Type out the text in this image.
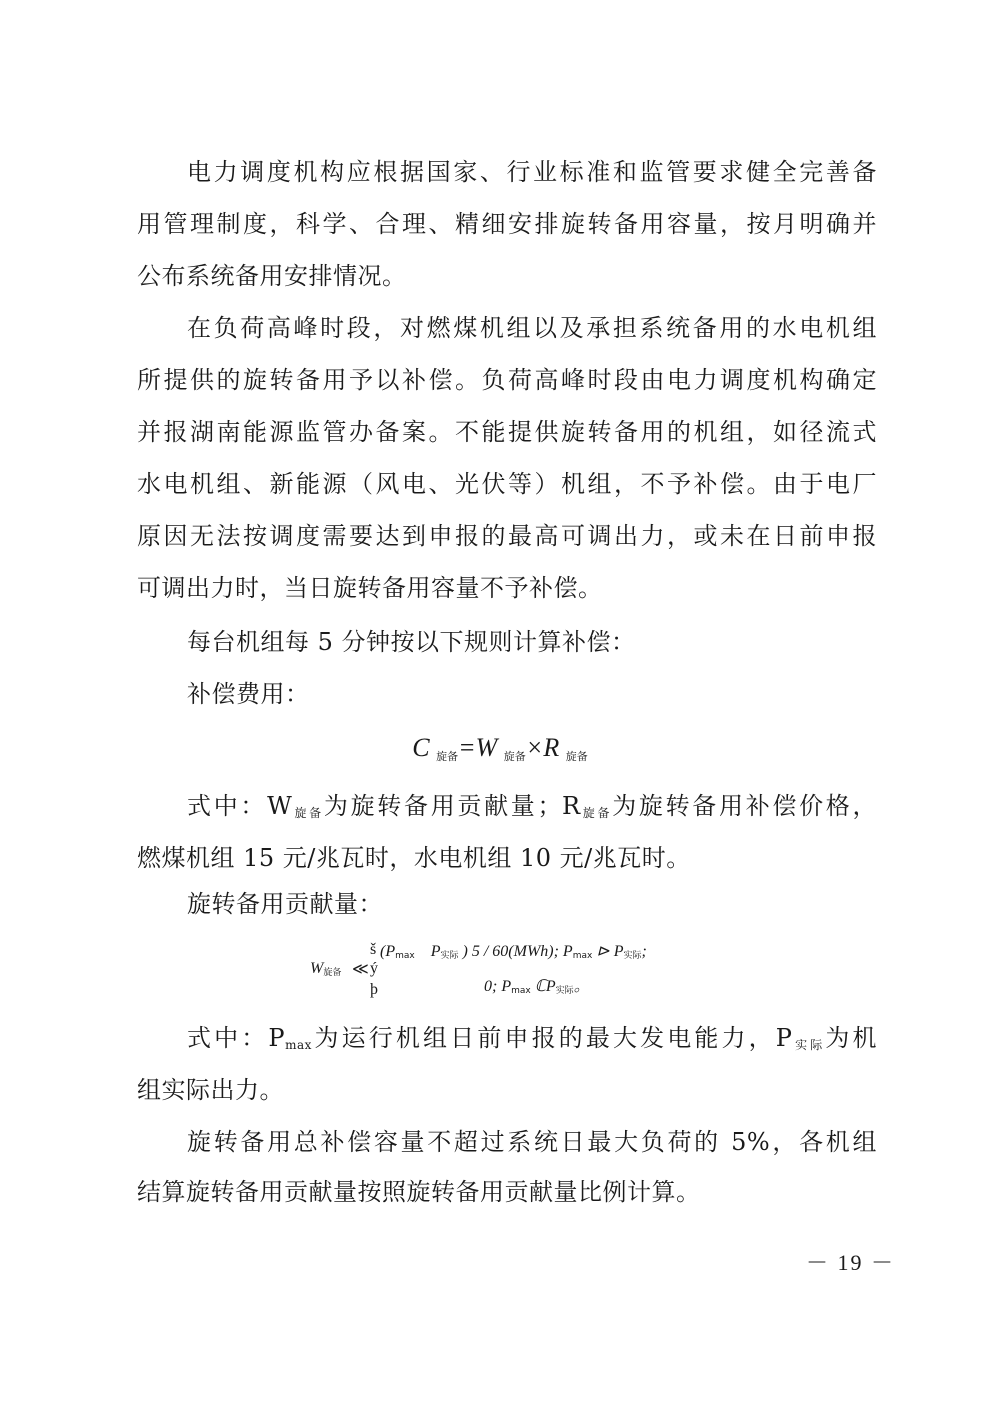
电力调度机构应根据国家、行业标准和监管要求健全完善备
用管理制度，科学、合理、精细安排旋转备用容量，按月明确并
公布系统备用安排情况。
在负荷高峰时段，对燃煤机组以及承担系统备用的水电机组
所提供的旋转备用予以补偿。负荷高峰时段由电力调度机构确定
并报湖南能源监管办备案。不能提供旋转备用的机组，如径流式
水电机组、新能源（风电、光伏等）机组，不予补偿。由于电厂
原因无法按调度需要达到申报的最高可调出力，或未在日前申报
可调出力时，当日旋转备用容量不予补偿。
每台机组每 5 分钟按以下规则计算补偿：
补偿费用：
C $_{旋备}$=W $_{旋备}$×R $_{旋备}$
式中：$W_{旋备}$为旋转备用贡献量；$R_{旋备}$为旋转备用补偿价格，
燃煤机组 15 元/兆瓦时，水电机组 10 元/兆瓦时。
旋转备用贡献量：
$W_{旋备}$ ≪
š
ý
þ
($P_{max}$ $P_{实际}$ ) 5 / 60(MWh); $P_{max}$ ⊳ $P_{实际}$;
0; $P_{max}$ ℂP$_{实际}$。
式中：$P_{max}$为运行机组日前申报的最大发电能力，$P_{实际}$为机
组实际出力。
旋转备用总补偿容量不超过系统日最大负荷的 5%，各机组
结算旋转备用贡献量按照旋转备用贡献量比例计算。
－ 19 －
